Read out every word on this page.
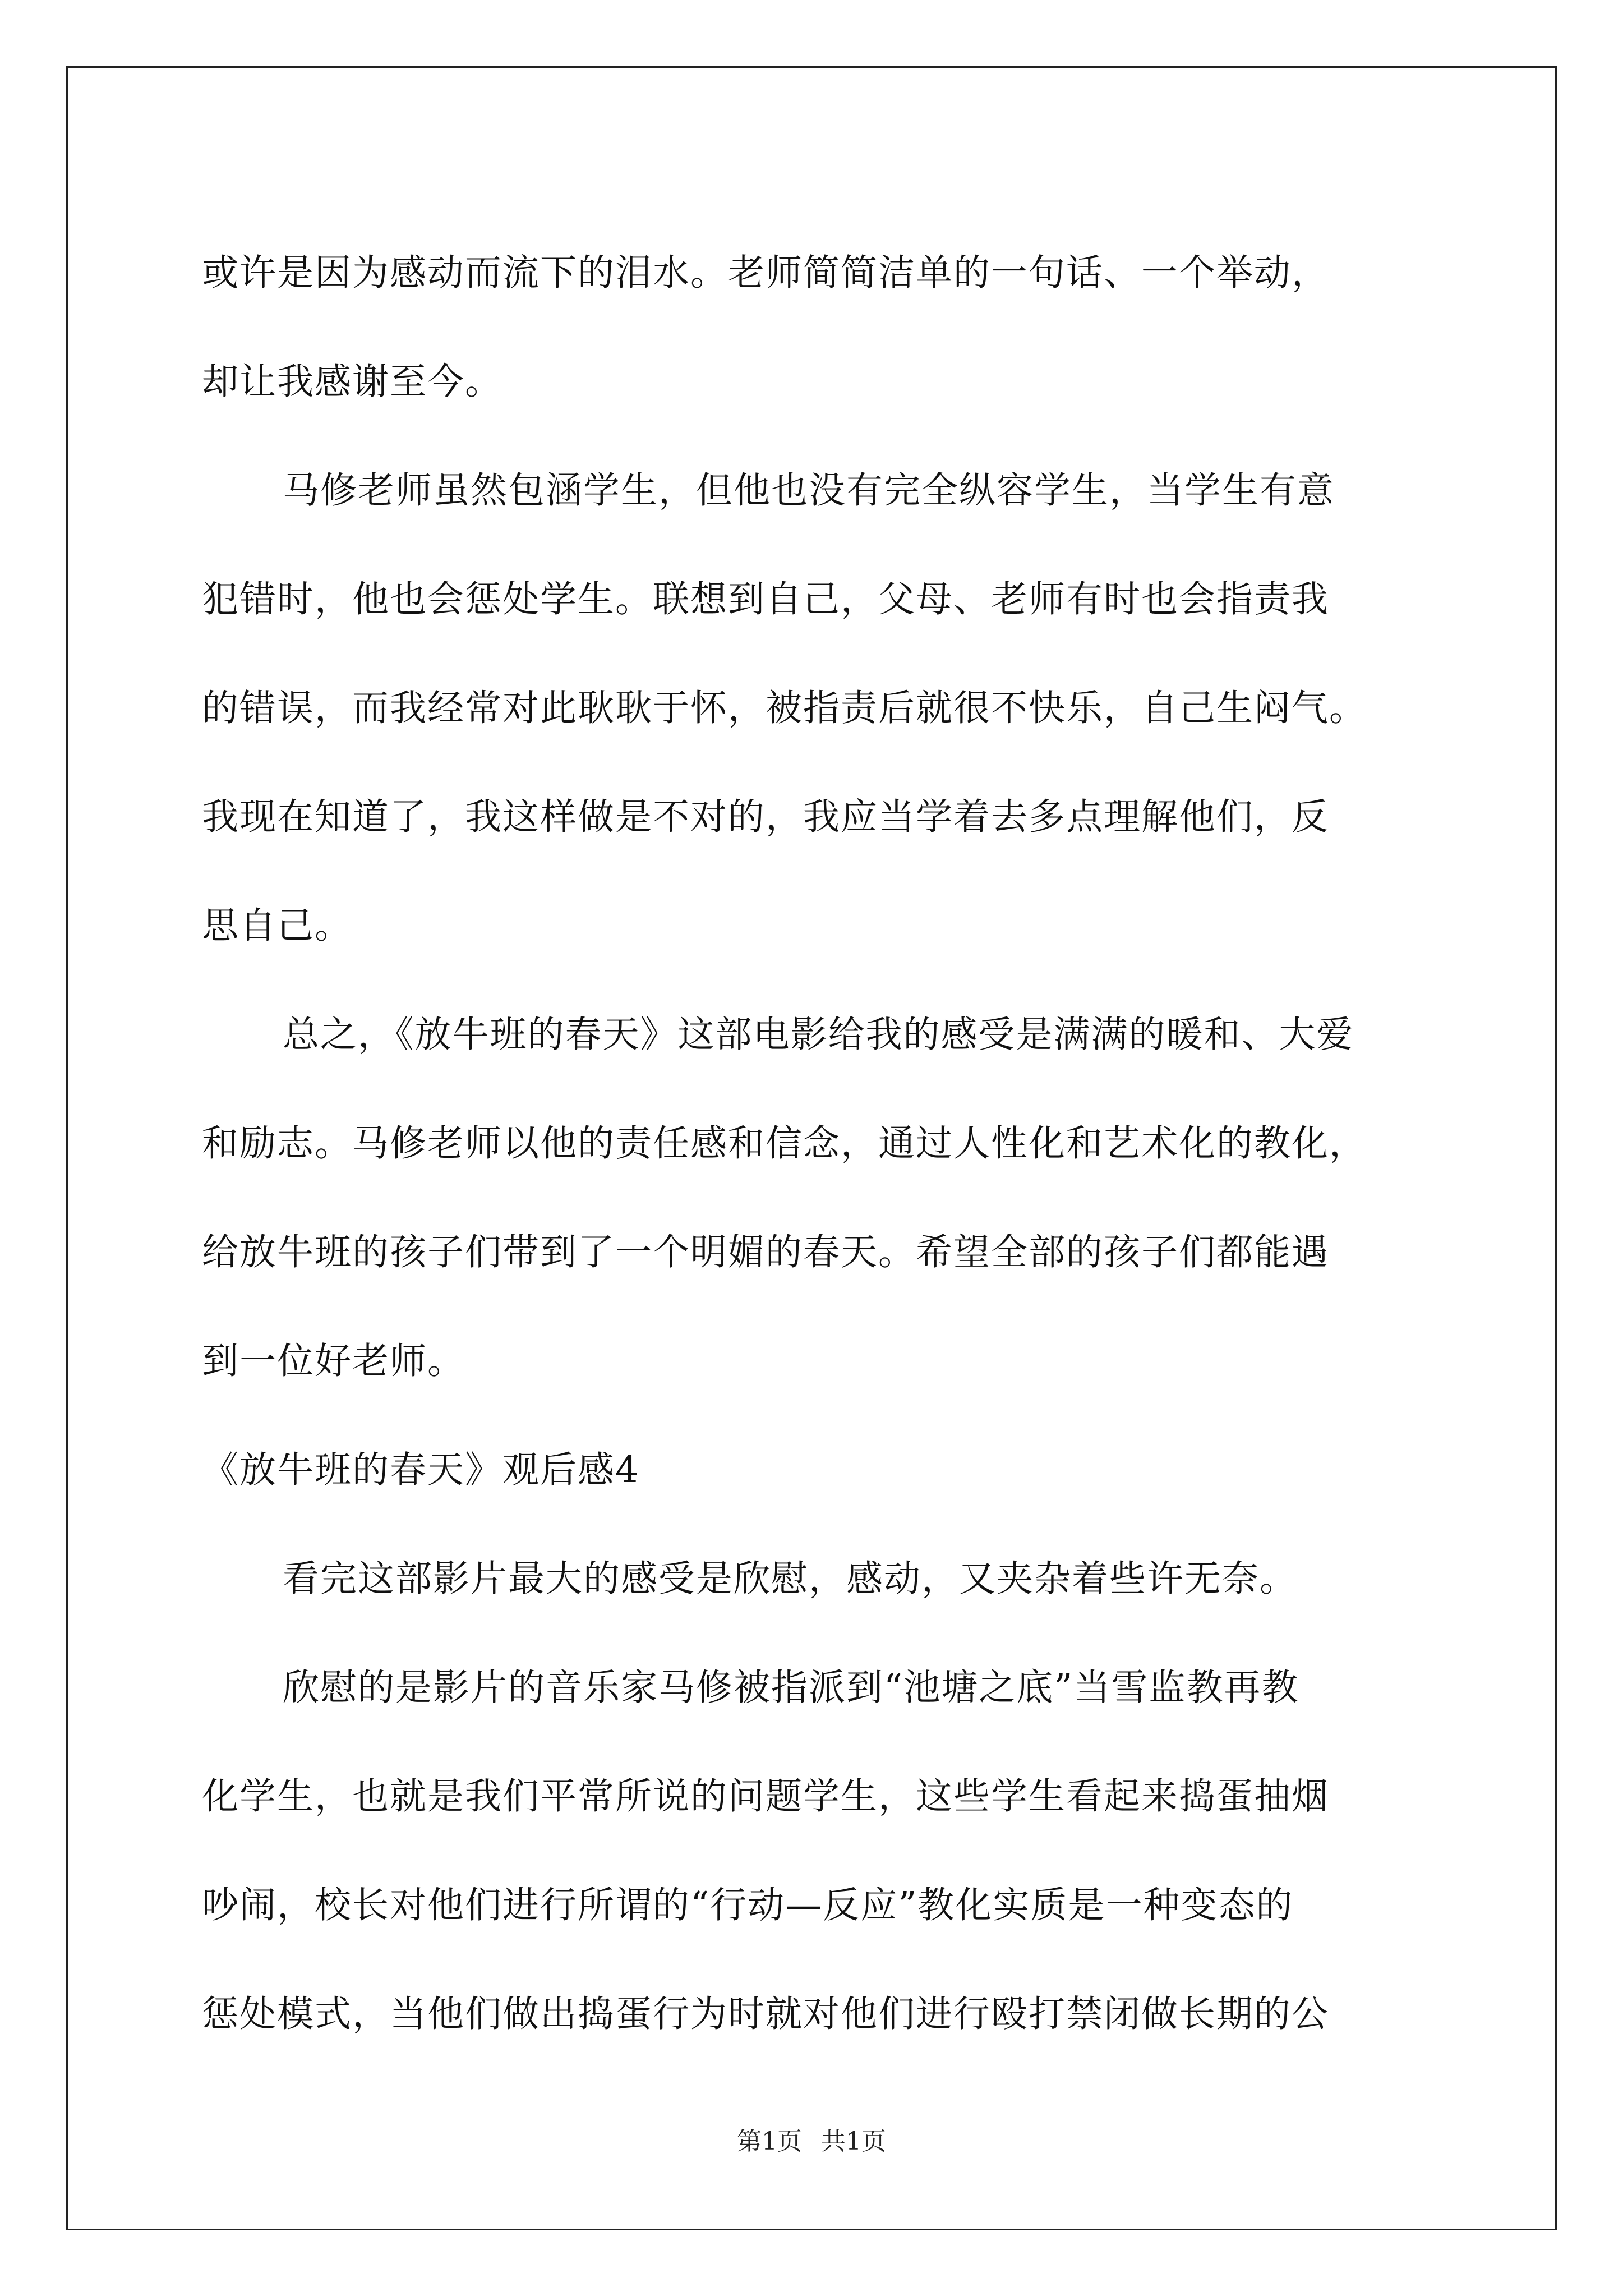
或许是因为感动而流下的泪水。老师简简洁单的一句话、一个举动，
却让我感谢至今。
马修老师虽然包涵学生，但他也没有完全纵容学生，当学生有意
犯错时，他也会惩处学生。联想到自己，父母、老师有时也会指责我
的错误，而我经常对此耿耿于怀，被指责后就很不快乐，自己生闷气。
我现在知道了，我这样做是不对的，我应当学着去多点理解他们，反
思自己。
总之，《放牛班的春天》这部电影给我的感受是满满的暖和、大爱
和励志。马修老师以他的责任感和信念，通过人性化和艺术化的教化，
给放牛班的孩子们带到了一个明媚的春天。希望全部的孩子们都能遇
到一位好老师。
《放牛班的春天》观后感4
看完这部影片最大的感受是欣慰，感动，又夹杂着些许无奈。
欣慰的是影片的音乐家马修被指派到“池塘之底”当雪监教再教
化学生，也就是我们平常所说的问题学生，这些学生看起来捣蛋抽烟
吵闹，校长对他们进行所谓的“行动—反应”教化实质是一种变态的
惩处模式，当他们做出捣蛋行为时就对他们进行殴打禁闭做长期的公
第1页 共1页
